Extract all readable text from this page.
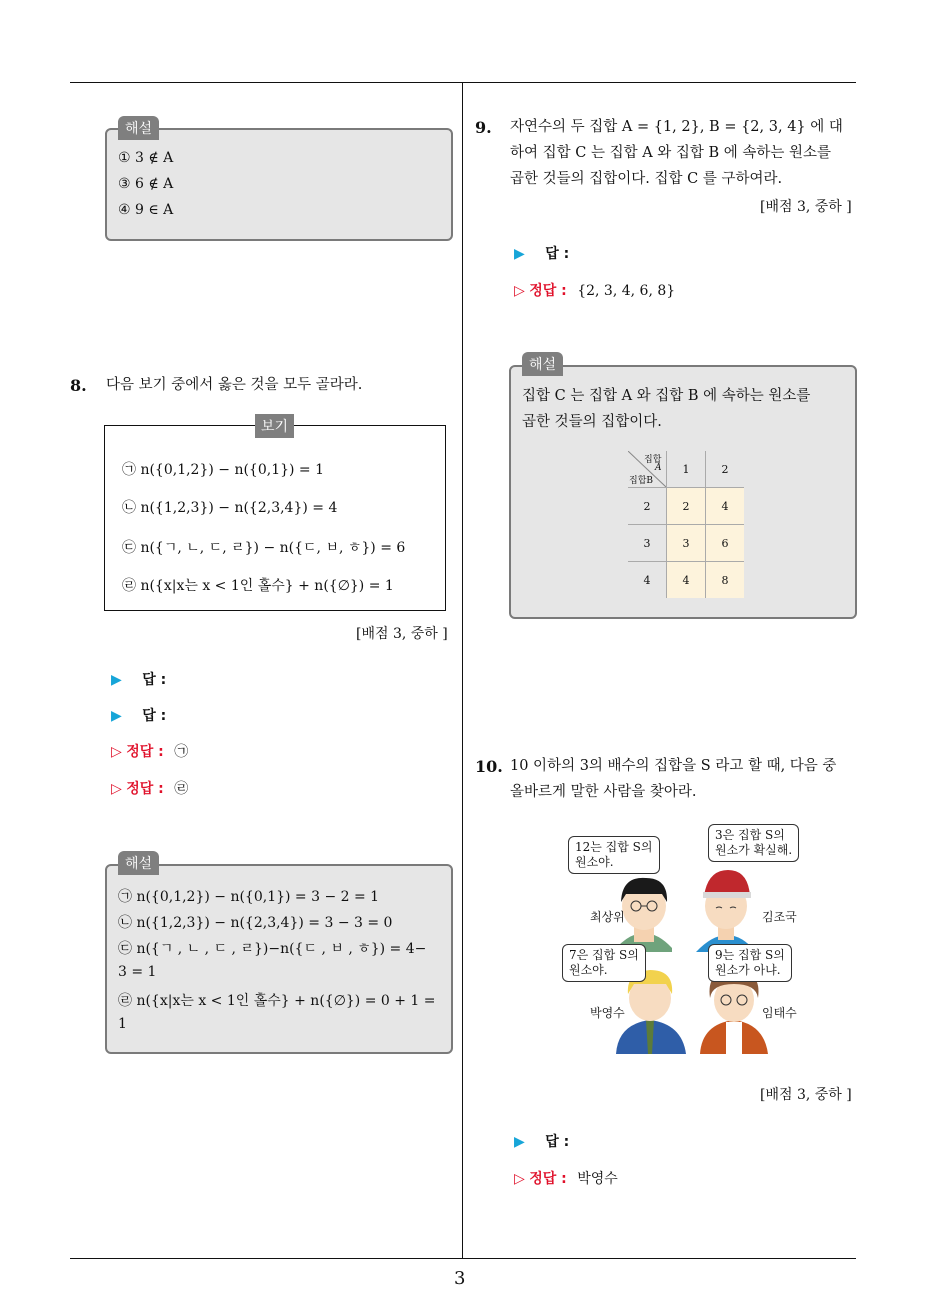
3
해설
① 3 ∉ A
③ 6 ∉ A
④ 9 ∈ A
8. 다음 보기 중에서 옳은 것을 모두 골라라.
보기
㉠ n({0,1,2}) − n({0,1}) = 1
㉡ n({1,2,3}) − n({2,3,4}) = 4
㉢ n({ㄱ, ㄴ, ㄷ, ㄹ}) − n({ㄷ, ㅂ, ㅎ}) = 6
㉣ n({x|x는 x < 1인 홀수} + n({∅}) = 1
[배점 3, 중하 ]
▶ 답 :
▶ 답 :
▷ 정답 : ㉠
▷ 정답 : ㉣
해설
㉠ n({0,1,2}) − n({0,1}) = 3 − 2 = 1
㉡ n({1,2,3}) − n({2,3,4}) = 3 − 3 = 0
㉢ n({ㄱ , ㄴ , ㄷ , ㄹ})−n({ㄷ , ㅂ , ㅎ}) = 4−
3 = 1
㉣ n({x|x는 x < 1인 홀수} + n({∅}) = 0 + 1 =
1
9. 자연수의 두 집합 A = {1, 2}, B = {2, 3, 4} 에 대
하여 집합 C 는 집합 A 와 집합 B 에 속하는 원소를
곱한 것들의 집합이다. 집합 C 를 구하여라.
[배점 3, 중하 ]
▶ 답 :
▷ 정답 : {2, 3, 4, 6, 8}
해설
집합 C 는 집합 A 와 집합 B 에 속하는 원소를
곱한 것들의 집합이다.
집합
A
집합B	1	2
2	2	4
3	3	6
4	4	8
10. 10 이하의 3의 배수의 집합을 S 라고 할 때, 다음 중
올바르게 말한 사람을 찾아라.
12는 집합 S의
원소야.
3은 집합 S의
원소가 확실해.
7은 집합 S의
원소야.
9는 집합 S의
원소가 아냐.
최상위	김조국
박영수	임태수
[배점 3, 중하 ]
▶ 답 :
▷ 정답 : 박영수
